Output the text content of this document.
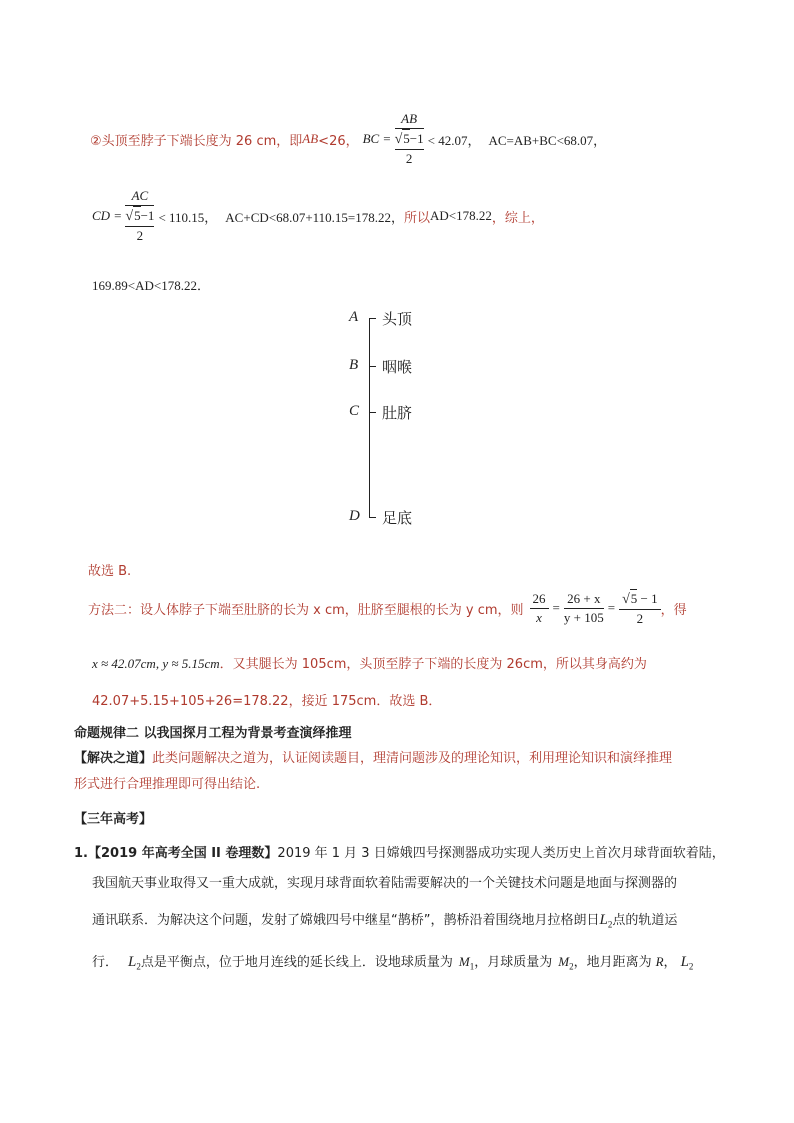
②头顶至脖子下端长度为 26 cm，即 AB <26， BC =
AB
√5−1
2
< 42.07， AC=AB+BC<68.07，
CD =
AC
√5−1
2
< 110.15， AC+CD<68.07+110.15=178.22， 所以 AD<178.22 ，综上，
169.89<AD<178.22．
A 头顶
B 咽喉
C 肚脐
D 足底
故选 B.
方法二：设人体脖子下端至肚脐的长为 x cm，肚脐至腿根的长为 y cm，则 $\frac{26}{x} = \frac{26 + x}{y + 105} = \frac{√5 - 1}{2}$ ，得
x ≈ 42.07cm, y ≈ 5.15cm．又其腿长为 105cm，头顶至脖子下端的长度为 26cm，所以其身高约为
42.07+5.15+105+26=178.22，接近 175cm．故选 B．
命题规律二 以我国探月工程为背景考查演绎推理
【解决之道】此类问题解决之道为，认证阅读题目，理清问题涉及的理论知识，利用理论知识和演绎推理
形式进行合理推理即可得出结论.
【三年高考】
1.【2019 年高考全国 II 卷理数】2019 年 1 月 3 日嫦娥四号探测器成功实现人类历史上首次月球背面软着陆，
我国航天事业取得又一重大成就，实现月球背面软着陆需要解决的一个关键技术问题是地面与探测器的
通讯联系．为解决这个问题，发射了嫦娥四号中继星“鹊桥”，鹊桥沿着围绕地月拉格朗日$L_2$点的轨道运
行． $L_2$点是平衡点，位于地月连线的延长线上．设地球质量为 $M_1$，月球质量为 $M_2$，地月距离为 R， $L_2$
